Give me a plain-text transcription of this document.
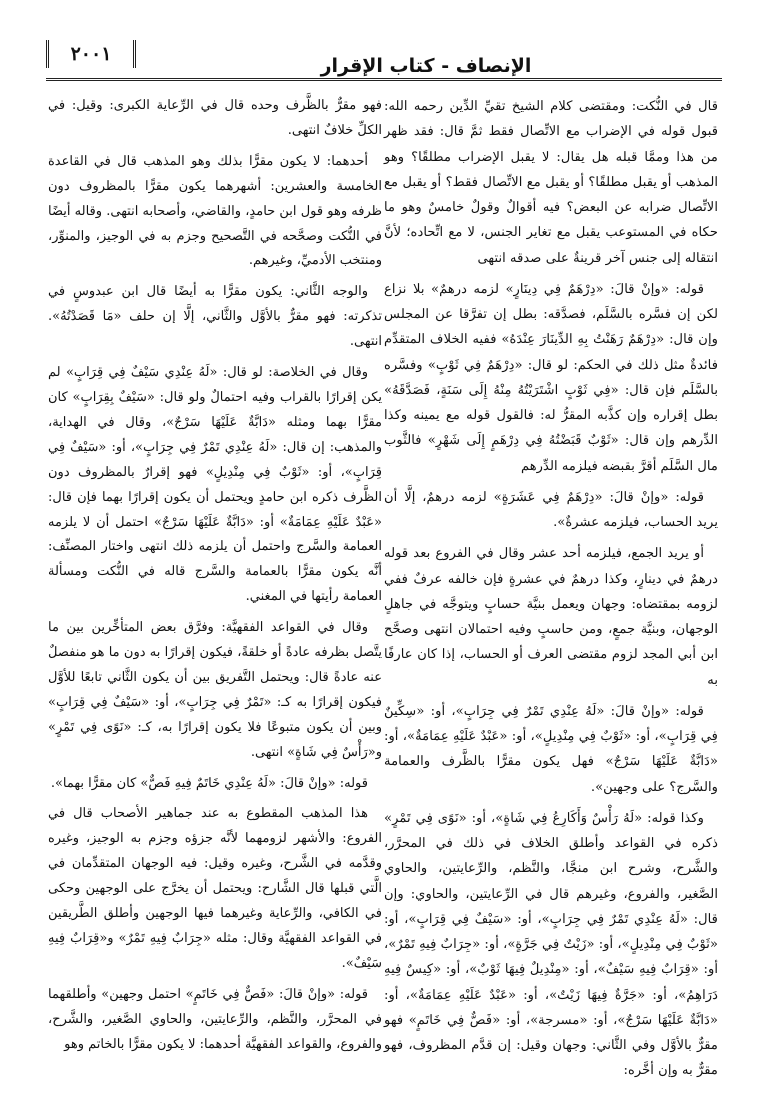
الإنصاف - كتاب الإقرار
٢٠٠١

قال في النُّكت: ومقتضى كلام الشيخ تقيِّ الدِّين رحمه الله: قبول قوله في الإضراب مع الاتِّصال فقط ثمَّ قال: فقد ظهر من هذا وممَّا قبله هل يقال: لا يقبل الإضراب مطلقًا؟ وهو المذهب أو يقبل مطلقًا؟ أو يقبل مع الاتِّصال فقط؟ أو يقبل مع الاتِّصال ضرابه عن البعض؟ فيه أقوالٌ وقولٌ خامسٌ وهو ما حكاه في المستوعب يقبل مع تغاير الجنس، لا مع اتِّحاده؛ لأنَّ انتقاله إلى جنس آخر قرينةٌ على صدقه انتهى

قوله: «وإنْ قالَ: «دِرْهَمٌ فِي دِينَارٍ» لزمه درهمٌ» بلا نزاع لكن إن فسَّره بالسَّلَم، فصدَّقه: بطل إن تفرَّقا عن المجلس وإن قال: «دِرْهَمٌ رَهَنْتُ بِهِ الدِّينَارَ عِنْدَهُ» ففيه الخلاف المتقدِّم فائدةٌ مثل ذلك في الحكم: لو قال: «دِرْهَمٌ فِي ثَوْبٍ» وفسَّره بالسَّلَم فإن قال: «فِي ثَوْبٍ اشْتَرَيْتُهُ مِنْهُ إِلَى سَنَةٍ، فَصَدَّقَهُ» بطل إقراره وإن كذَّبه المقرُّ له: فالقول قوله مع يمينه وكذا الدِّرهم وإن قال: «ثَوْبٌ قَبَضْتُهُ فِي دِرْهَمٍ إِلَى شَهْرٍ» فالثَّوب مال السَّلَم أقرَّ بقبضه فيلزمه الدِّرهم

قوله: «وإنْ قالَ: «دِرْهَمٌ فِي عَشَرَةٍ» لزمه درهمٌ، إلَّا أن يريد الحساب، فيلزمه عشرةٌ».

أو يريد الجمع، فيلزمه أحد عشر وقال في الفروع بعد قوله درهمٌ في دينارٍ، وكذا درهمٌ في عشرةٍ فإن خالفه عرفٌ ففي لزومه بمقتضاه: وجهان ويعمل بنيَّة حسابٍ ويتوجَّه في جاهلٍ الوجهان، وبنيَّة جمعٍ، ومن حاسبٍ وفيه احتمالان انتهى وصحَّح ابن أبي المجد لزوم مقتضى العرف أو الحساب، إذا كان عارفًا به

قوله: «وإنْ قالَ: «لَهُ عِنْدِي تَمْرٌ فِي جِرَابٍ»، أو: «سِكِّينٌ فِي قِرَابٍ»، أو: «ثَوْبٌ فِي مِنْدِيلٍ»، أو: «عَبْدٌ عَلَيْهِ عِمَامَةٌ»، أو: «دَابَّةٌ عَلَيْهَا سَرْجٌ» فهل يكون مقرًّا بالظَّرف والعمامة والسَّرج؟ على وجهين».

وكذا قوله: «لَهُ رَأْسٌ وَأَكَارِعُ فِي شَاةٍ»، أو: «نَوًى فِي تَمْرٍ» ذكره في القواعد وأطلق الخلاف في ذلك في المحرَّر، والشَّرح، وشرح ابن منجَّا، والنَّظم، والرِّعايتين، والحاوي الصَّغير، والفروع، وغيرهم قال في الرِّعايتين، والحاوي: وإن قال: «لَهُ عِنْدِي تَمْرٌ فِي جِرَابٍ»، أو: «سَيْفٌ فِي قِرَابٍ»، أو: «ثَوْبٌ فِي مِنْدِيلٍ»، أو: «زَيْتٌ فِي جَرَّةٍ»، أو: «جِرَابٌ فِيهِ تَمْرٌ»، أو: «قِرَابٌ فِيهِ سَيْفٌ»، أو: «مِنْدِيلٌ فِيهَا ثَوْبٌ»، أو: «كِيسٌ فِيهِ دَرَاهِمُ»، أو: «جَرَّةٌ فِيهَا زَيْتٌ»، أو: «عَبْدٌ عَلَيْهِ عِمَامَةٌ»، أو: «دَابَّةٌ عَلَيْهَا سَرْجٌ»، أو: «مسرجة»، أو: «فَصٌّ فِي خَاتَمٍ» فهو مقرٌّ بالأوَّل وفي الثَّاني: وجهان وقيل: إن قدَّم المظروف، فهو مقرٌّ به وإن أخَّره:

فهو مقرٌّ بالظَّرف وحده قال في الرِّعاية الكبرى: وقيل: في الكلِّ خلافٌ انتهى.

أحدهما: لا يكون مقرًّا بذلك وهو المذهب قال في القاعدة الخامسة والعشرين: أشهرهما يكون مقرًّا بالمظروف دون ظرفه وهو قول ابن حامدٍ، والقاضي، وأصحابه انتهى. وقاله أيضًا في النُّكت وصحَّحه في التَّصحيح وجزم به في الوجيز، والمنوِّر، ومنتخب الأدميِّ، وغيرهم.

والوجه الثَّاني: يكون مقرًّا به أيضًا قال ابن عبدوسٍ في تذكرته: فهو مقرٌّ بالأوَّل والثَّاني، إلَّا إن حلف «مَا قَصَدْتُهُ». انتهى.

وقال في الخلاصة: لو قال: «لَهُ عِنْدِي سَيْفٌ فِي قِرَابٍ» لم يكن إقرارًا بالقراب وفيه احتمالٌ ولو قال: «سَيْفٌ بِقِرَابٍ» كان مقرًّا بهما ومثله «دَابَّةٌ عَلَيْهَا سَرْجٌ»، وقال في الهداية، والمذهب: إن قال: «لَهُ عِنْدِي تَمْرٌ فِي جِرَابٍ»، أو: «سَيْفٌ فِي قِرَابٍ»، أو: «ثَوْبٌ فِي مِنْدِيلٍ» فهو إقرارٌ بالمظروف دون الظَّرف ذكره ابن حامدٍ ويحتمل أن يكون إقرارًا بهما فإن قال: «عَبْدٌ عَلَيْهِ عِمَامَةٌ» أو: «دَابَّةٌ عَلَيْهَا سَرْجٌ» احتمل أن لا يلزمه العمامة والسَّرج واحتمل أن يلزمه ذلك انتهى واختار المصنِّف: أنَّه يكون مقرًّا بالعمامة والسَّرج قاله في النُّكت ومسألة العمامة رأيتها في المغني.

وقال في القواعد الفقهيَّة: وفرَّق بعض المتأخِّرين بين ما يتَّصل بظرفه عادةً أو خلقةً، فيكون إقرارًا به دون ما هو منفصلٌ عنه عادةً قال: ويحتمل التَّفريق بين أن يكون الثَّاني تابعًا للأوَّل فيكون إقرارًا به كـ: «تَمْرٌ فِي جِرَابٍ»، أو: «سَيْفٌ فِي قِرَابٍ» وبين أن يكون متبوعًا فلا يكون إقرارًا به، كـ: «نَوًى فِي تَمْرٍ» و«رَأْسٌ فِي شَاةٍ» انتهى.

قوله: «وإنْ قالَ: «لَهُ عِنْدِي خَاتَمٌ فِيهِ فَصٌّ» كان مقرًّا بهما».

هذا المذهب المقطوع به عند جماهير الأصحاب قال في الفروع: والأشهر لزومهما لأنَّه جزؤه وجزم به الوجيز، وغيره وقدَّمه في الشَّرح، وغيره وقيل: فيه الوجهان المتقدِّمان في الَّتي قبلها قال الشَّارح: ويحتمل أن يخرَّج على الوجهين وحكى في الكافي، والرِّعاية وغيرهما فيها الوجهين وأطلق الطَّريقين في القواعد الفقهيَّة وقال: مثله «جِرَابٌ فِيهِ تَمْرٌ» و«قِرَابٌ فِيهِ سَيْفٌ».

قوله: «وإنْ قالَ: «فَصٌّ فِي خَاتَمٍ» احتمل وجهين» وأطلقهما في المحرَّر، والنَّظم، والرِّعايتين، والحاوي الصَّغير، والشَّرح، والفروع، والقواعد الفقهيَّة أحدهما: لا يكون مقرًّا بالخاتم وهو
